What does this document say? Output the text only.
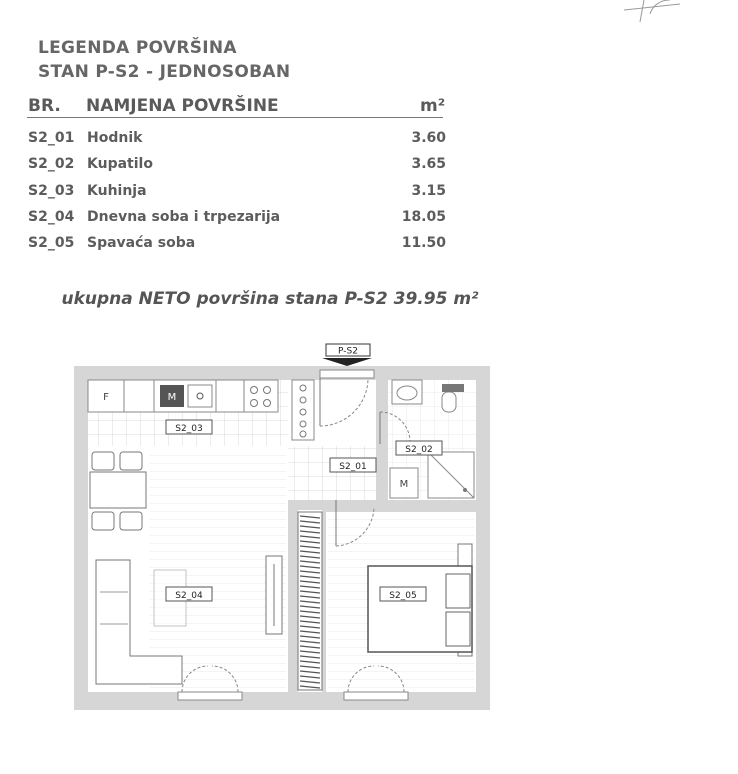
LEGENDA POVRŠINA
STAN P-S2 - JEDNOSOBAN
BR. NAMJENA POVRŠINE	m²
S2_01 Hodnik	3.60
S2_02 Kupatilo	3.65
S2_03 Kuhinja	3.15
S2_04 Dnevna soba i trpezarija	18.05
S2_05 Spavaća soba	11.50
ukupna NETO površina stana P-S2 39.95 m²
P-S2
F	M
M
S2_03
S2_01
S2_02
S2_04	S2_05
